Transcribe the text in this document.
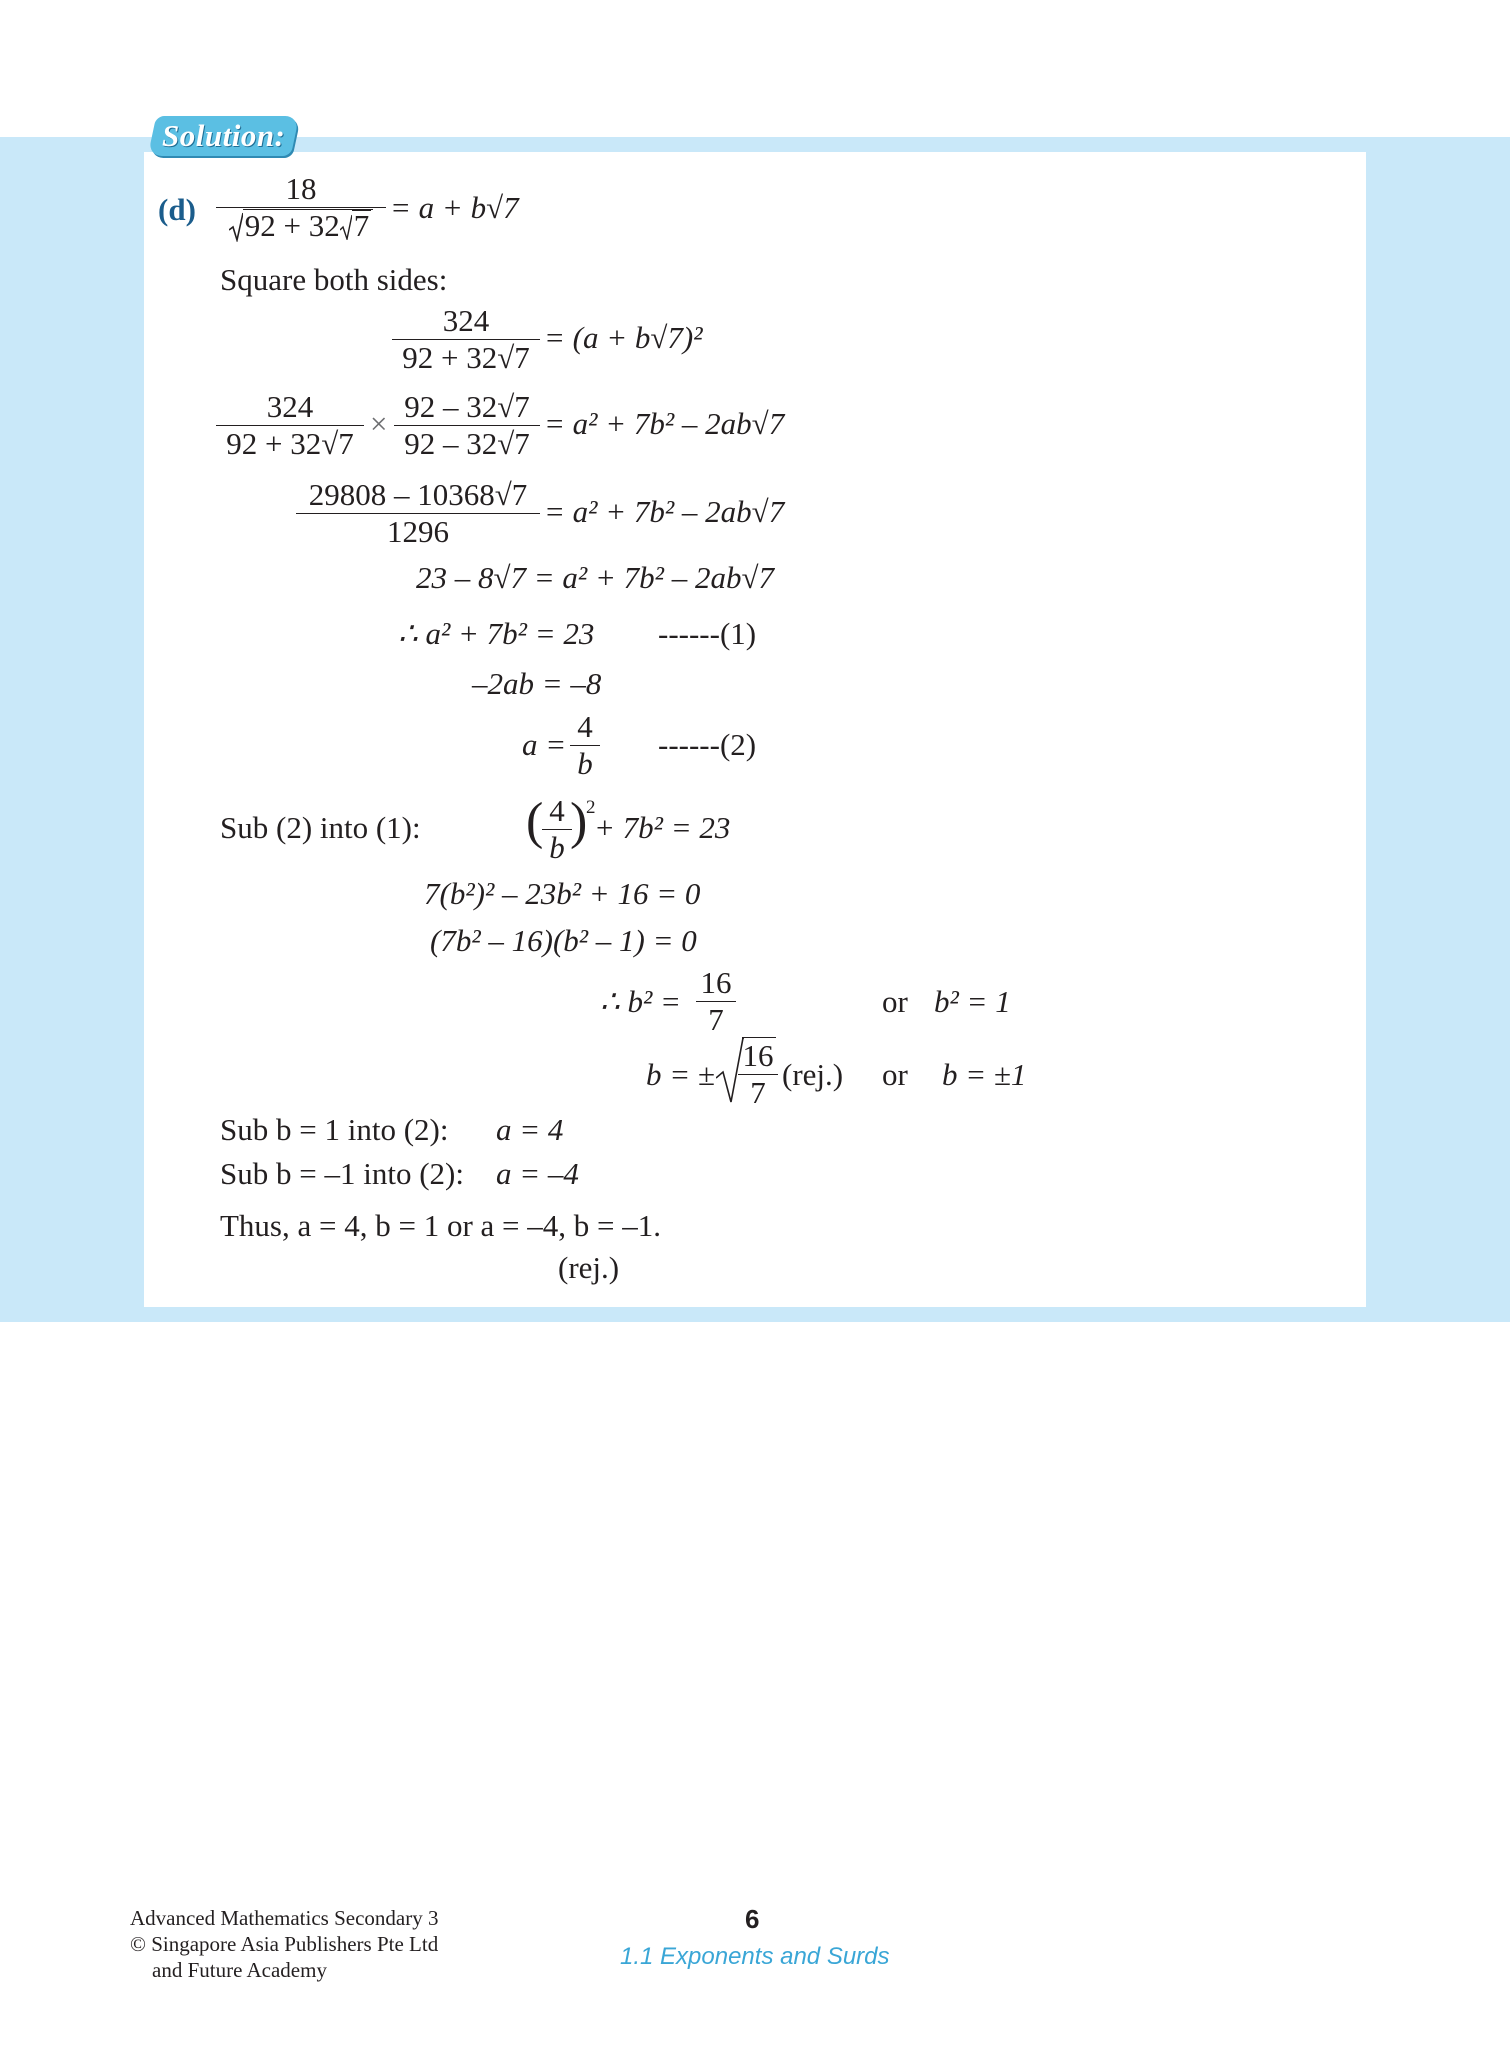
Solution:
(d)
18
92 + 32 7
= a + b√7
Square both sides:
324
92 + 32√7
= (a + b√7)²
324
92 + 32√7
× 92 – 32√7
92 – 32√7
= a² + 7b² – 2ab√7
29808 – 10368√7
1296
= a² + 7b² – 2ab√7
23 – 8√7 = a² + 7b² – 2ab√7
∴ a² + 7b² = 23 ------(1)
–2ab = –8
a =
4
b
------(2)
Sub (2) into (1): ( 4
b )
2
+ 7b² = 23
7(b²)² – 23b² + 16 = 0
(7b² – 16)(b² – 1) = 0
∴ b² =
16
7
or b² = 1
b = ±
16
7
(rej.) or b = ±1
Sub b = 1 into (2): a = 4
Sub b = –1 into (2): a = –4
Thus, a = 4, b = 1 or a = –4, b = –1.
(rej.)
Advanced Mathematics Secondary 3
© Singapore Asia Publishers Pte Ltd
and Future Academy
6
1.1 Exponents and Surds
